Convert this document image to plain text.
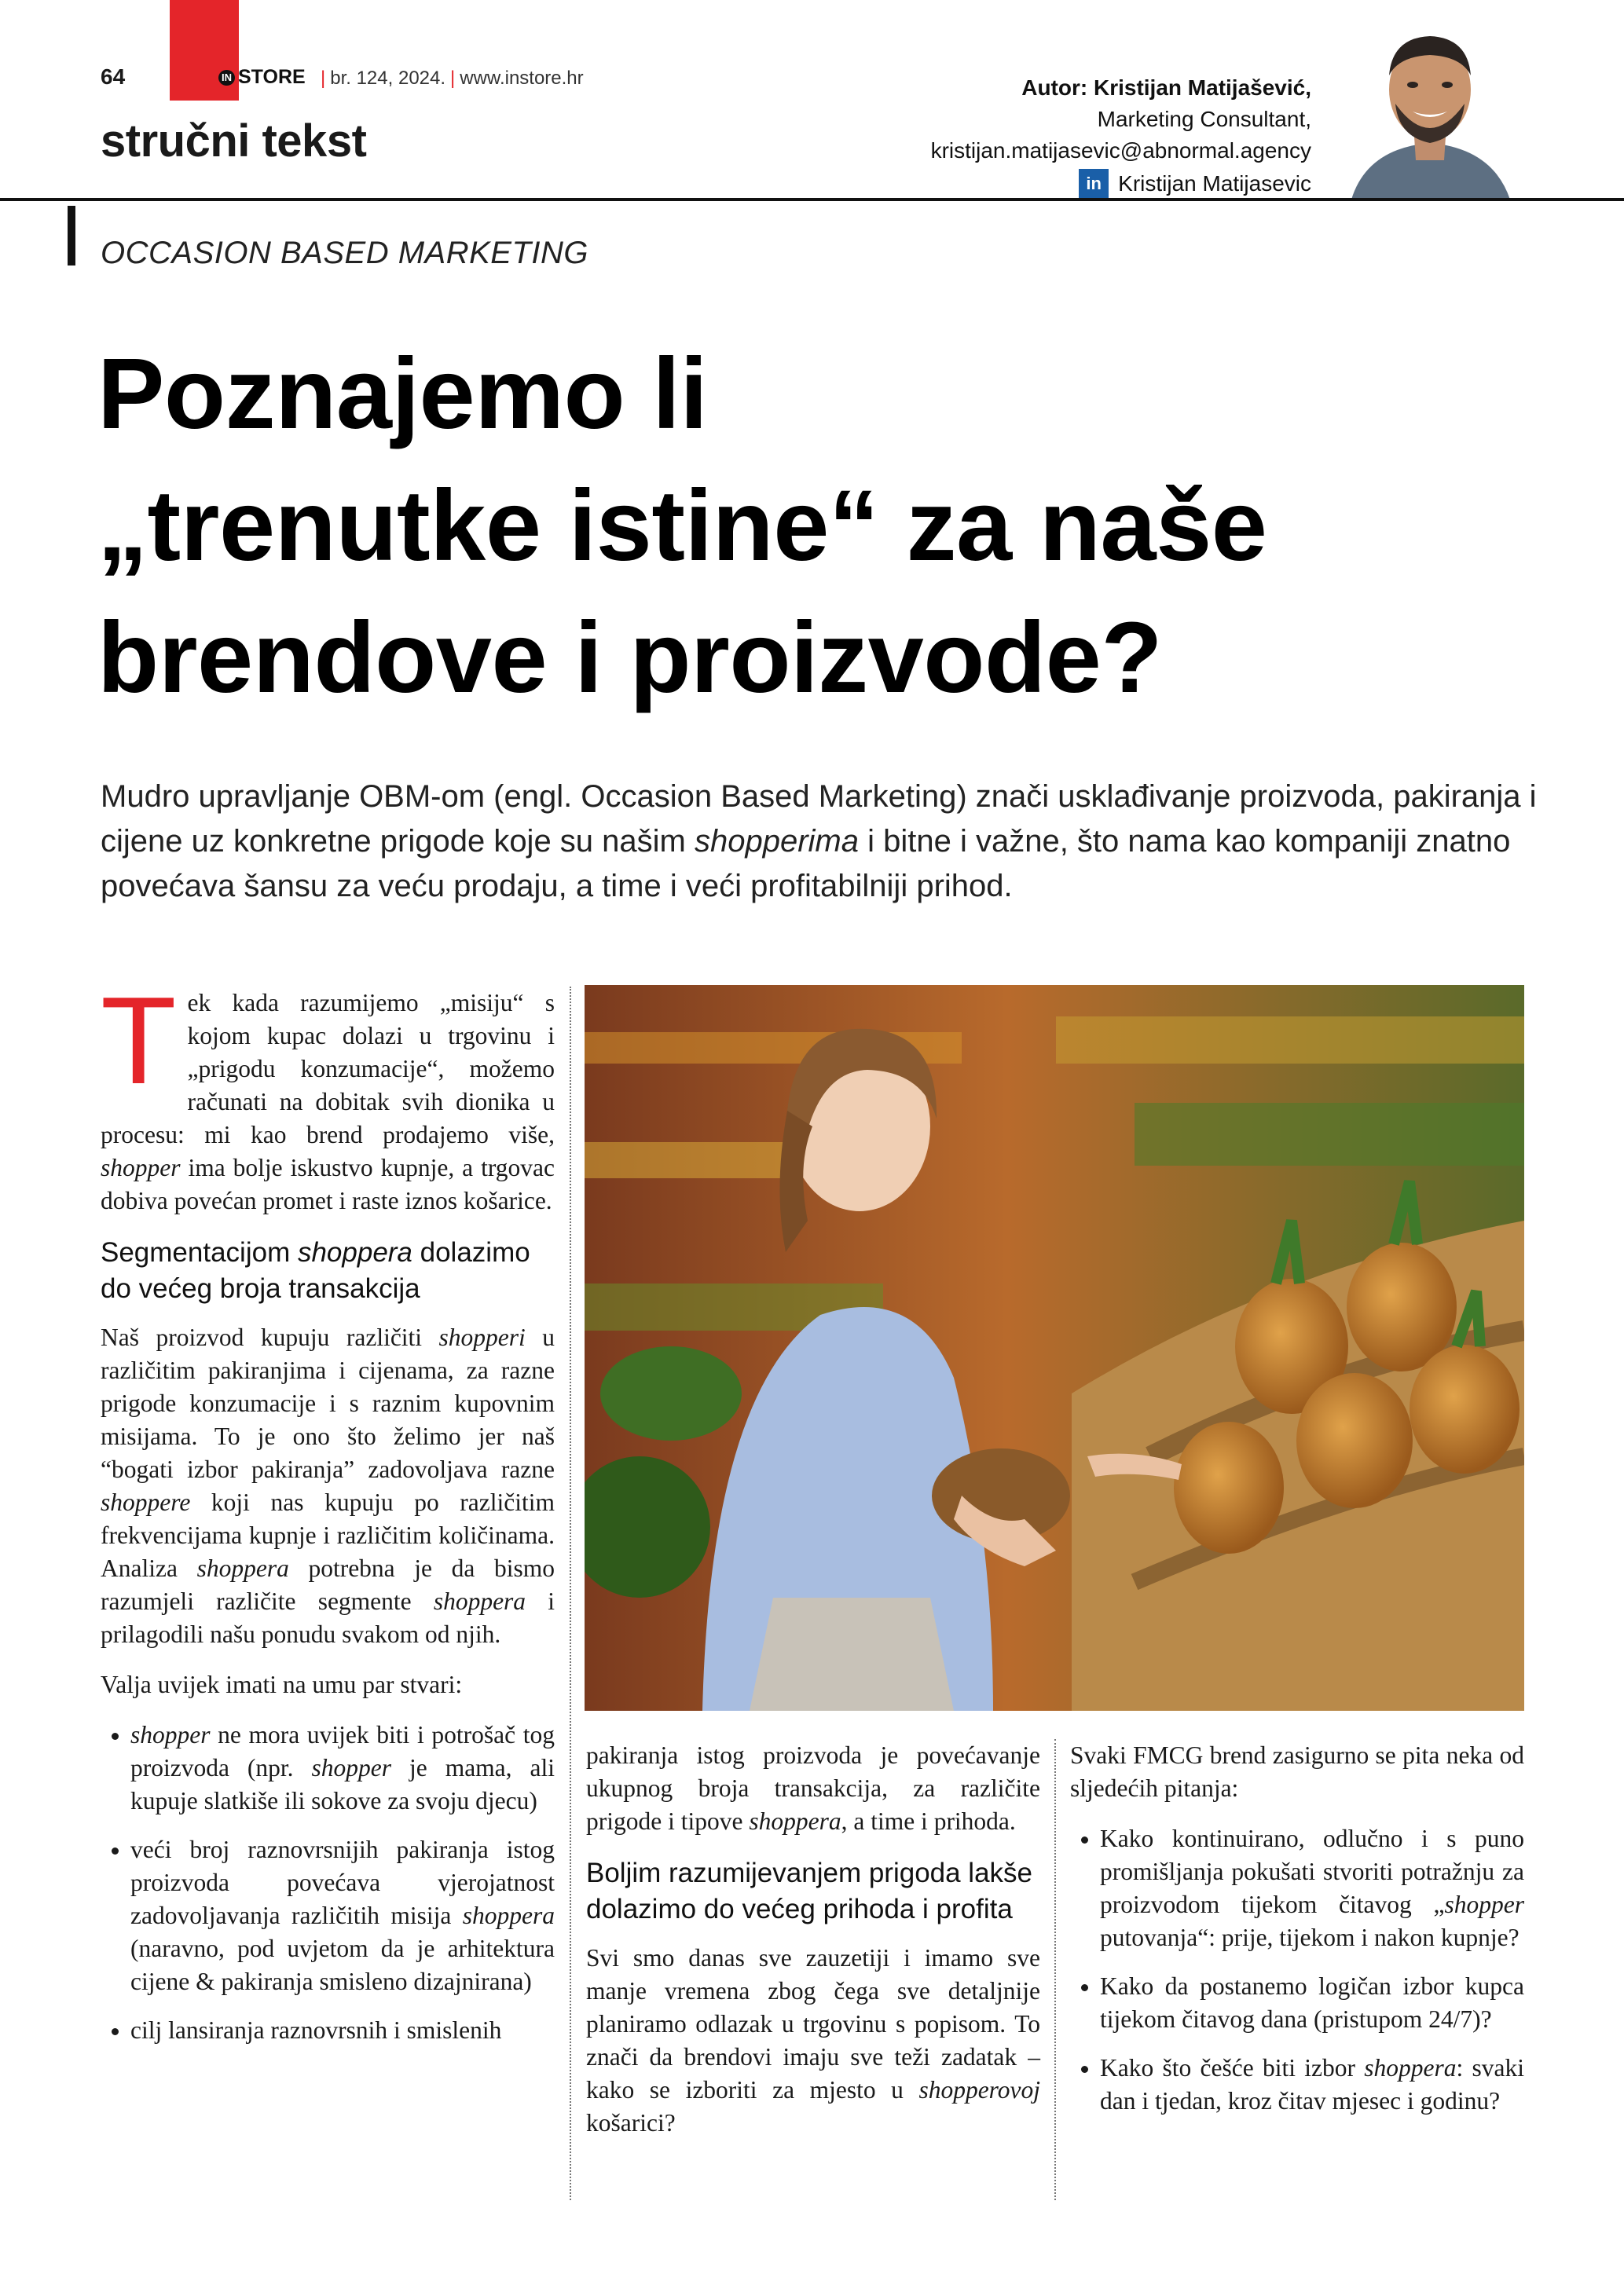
64	IN STORE | br. 124, 2024. | www.instore.hr
stručni tekst
Autor: Kristijan Matijašević,
Marketing Consultant,
kristijan.matijasevic@abnormal.agency
in Kristijan Matijasevic
OCCASION BASED MARKETING
Poznajemo li
„trenutke istine“ za naše
brendove i proizvode?
Mudro upravljanje OBM-om (engl. Occasion Based Marketing) znači usklađivanje proizvoda, pakiranja i cijene uz konkretne prigode koje su našim shopperima i bitne i važne, što nama kao kompaniji znatno povećava šansu za veću prodaju, a time i veći profitabilniji prihod.

Tek kada razumijemo „misiju“ s kojom kupac dolazi u trgovinu i „prigodu konzumacije“, možemo računati na dobitak svih dionika u procesu: mi kao brend prodajemo više, shopper ima bolje iskustvo kupnje, a trgovac dobiva povećan promet i raste iznos košarice.

Segmentacijom shoppera dolazimo do većeg broja transakcija

Naš proizvod kupuju različiti shopperi u različitim pakiranjima i cijenama, za razne prigode konzumacije i s raznim kupovnim misijama. To je ono što želimo jer naš “bogati izbor pakiranja” zadovoljava razne shoppere koji nas kupuju po različitim frekvencijama kupnje i različitim količinama. Analiza shoppera potrebna je da bismo razumjeli različite segmente shoppera i prilagodili našu ponudu svakom od njih.

Valja uvijek imati na umu par stvari:

• shopper ne mora uvijek biti i potrošač tog proizvoda (npr. shopper je mama, ali kupuje slatkiše ili sokove za svoju djecu)
• veći broj raznovrsnijih pakiranja istog proizvoda povećava vjerojatnost zadovoljavanja različitih misija shoppera (naravno, pod uvjetom da je arhitektura cijene & pakiranja smisleno dizajnirana)
• cilj lansiranja raznovrsnih i smislenih

pakiranja istog proizvoda je povećavanje ukupnog broja transakcija, za različite prigode i tipove shoppera, a time i prihoda.

Boljim razumijevanjem prigoda lakše dolazimo do većeg prihoda i profita

Svi smo danas sve zauzetiji i imamo sve manje vremena zbog čega sve detaljnije planiramo odlazak u trgovinu s popisom. To znači da brendovi imaju sve teži zadatak – kako se izboriti za mjesto u shopperovoj košarici?

Svaki FMCG brend zasigurno se pita neka od sljedećih pitanja:

• Kako kontinuirano, odlučno i s puno promišljanja pokušati stvoriti potražnju za proizvodom tijekom čitavog „shopper putovanja“: prije, tijekom i nakon kupnje?
• Kako da postanemo logičan izbor kupca tijekom čitavog dana (pristupom 24/7)?
• Kako što češće biti izbor shoppera: svaki dan i tjedan, kroz čitav mjesec i godinu?
